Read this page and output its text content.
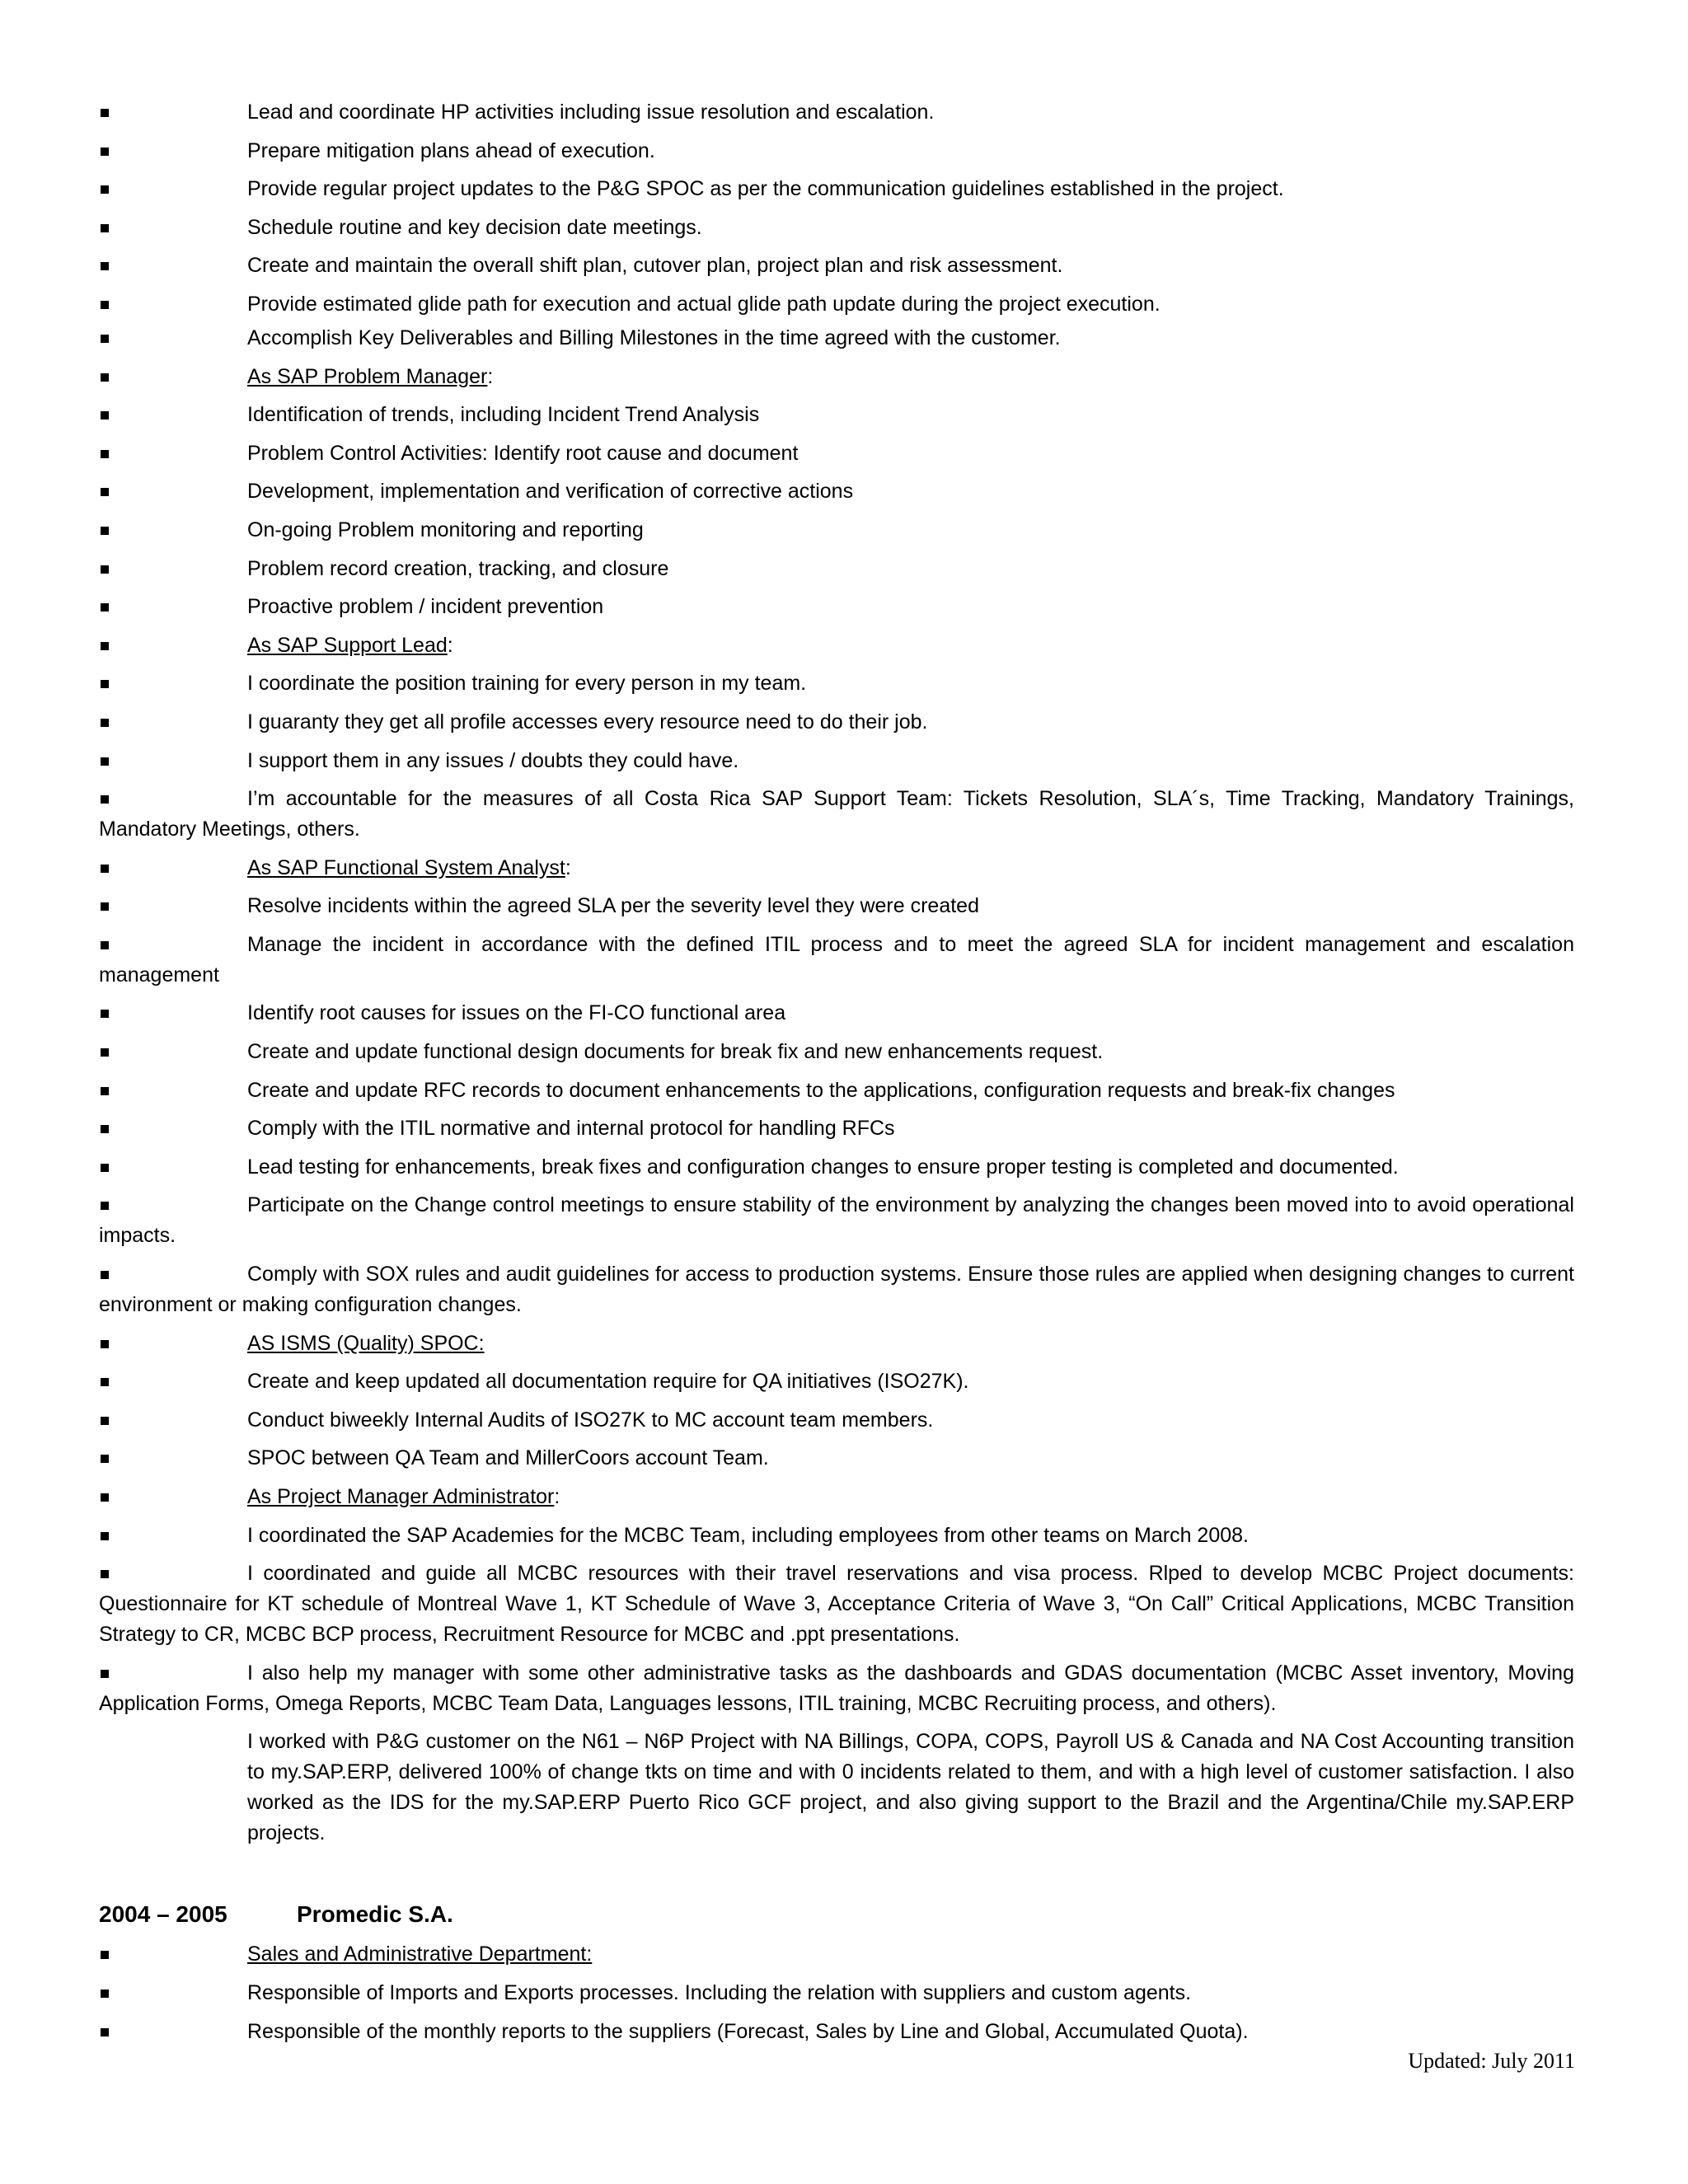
Lead and coordinate HP activities including issue resolution and escalation.
Prepare mitigation plans ahead of execution.
Provide regular project updates to the P&G SPOC as per the communication guidelines established in the project.
Schedule routine and key decision date meetings.
Create and maintain the overall shift plan, cutover plan, project plan and risk assessment.
Provide estimated glide path for execution and actual glide path update during the project execution.
Accomplish Key Deliverables and Billing Milestones in the time agreed with the customer.
As SAP Problem Manager:
Identification of trends, including Incident Trend Analysis
Problem Control Activities: Identify root cause and document
Development, implementation and verification of corrective actions
On-going Problem monitoring and reporting
Problem record creation, tracking, and closure
Proactive problem / incident prevention
As SAP Support Lead:
I coordinate the position training for every person in my team.
I guaranty they get all profile accesses every resource need to do their job.
I support them in any issues / doubts they could have.
I’m accountable for the measures of all Costa Rica SAP Support Team: Tickets Resolution, SLA´s, Time Tracking, Mandatory Trainings, Mandatory Meetings, others.
As SAP Functional System Analyst:
Resolve incidents within the agreed SLA per the severity level they were created
Manage the incident in accordance with the defined ITIL process and to meet the agreed SLA for incident management and escalation management
Identify root causes for issues on the FI-CO functional area
Create and update functional design documents for break fix and new enhancements request.
Create and update RFC records to document enhancements to the applications, configuration requests and break-fix changes
Comply with the ITIL normative and internal protocol for handling RFCs
Lead testing for enhancements, break fixes and configuration changes to ensure proper testing is completed and documented.
Participate on the Change control meetings to ensure stability of the environment by analyzing the changes been moved into to avoid operational impacts.
Comply with SOX rules and audit guidelines for access to production systems. Ensure those rules are applied when designing changes to current environment or making configuration changes.
AS ISMS (Quality) SPOC:
Create and keep updated all documentation require for QA initiatives (ISO27K).
Conduct biweekly Internal Audits of ISO27K to MC account team members.
SPOC between QA Team and MillerCoors account Team.
As Project Manager Administrator:
I coordinated the SAP Academies for the MCBC Team, including employees from other teams on March 2008.
I coordinated and guide all MCBC resources with their travel reservations and visa process. Rlped to develop MCBC Project documents: Questionnaire for KT schedule of Montreal Wave 1, KT Schedule of Wave 3, Acceptance Criteria of Wave 3, “On Call” Critical Applications, MCBC Transition Strategy to CR, MCBC BCP process, Recruitment Resource for MCBC and .ppt presentations.
I also help my manager with some other administrative tasks as the dashboards and GDAS documentation (MCBC Asset inventory, Moving Application Forms, Omega Reports, MCBC Team Data, Languages lessons, ITIL training, MCBC Recruiting process, and others).

I worked with P&G customer on the N61 – N6P Project with NA Billings, COPA, COPS, Payroll US & Canada and NA Cost Accounting transition to my.SAP.ERP, delivered 100% of change tkts on time and with 0 incidents related to them, and with a high level of customer satisfaction. I also worked as the IDS for the my.SAP.ERP Puerto Rico GCF project, and also giving support to the Brazil and the Argentina/Chile my.SAP.ERP projects.

2004 – 2005	Promedic S.A.
Sales and Administrative Department:
Responsible of Imports and Exports processes. Including the relation with suppliers and custom agents.
Responsible of the monthly reports to the suppliers (Forecast, Sales by Line and Global, Accumulated Quota).
Updated: July 2011
